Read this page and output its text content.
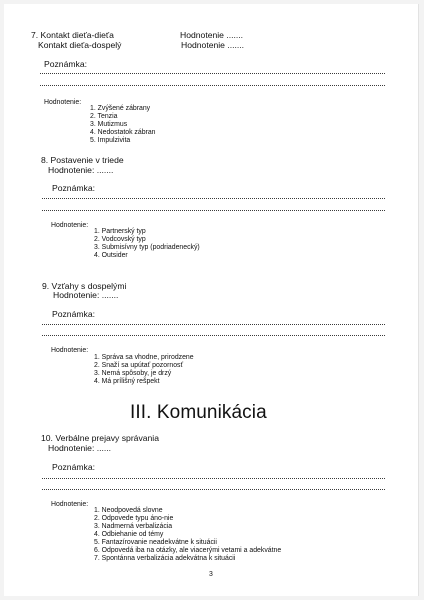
7. Kontakt dieťa-dieťa	Hodnotenie .......
Kontakt dieťa-dospelý	Hodnotenie .......
Poznámka:
Hodnotenie:
1. Zvýšené zábrany
2. Tenzia
3. Mutizmus
4. Nedostatok zábran
5. Impulzivita
8. Postavenie v triede
Hodnotenie: .......
Poznámka:
Hodnotenie:
1. Partnerský typ
2. Vodcovský typ
3. Submisívny typ (podriadenecký)
4. Outsider
9. Vzťahy s dospelými
Hodnotenie: .......
Poznámka:
Hodnotenie:
1. Správa sa vhodne, prirodzene
2. Snaží sa upútať pozornosť
3. Nemá spôsoby, je drzý
4. Má prílišný rešpekt
III. Komunikácia
10. Verbálne prejavy správania
Hodnotenie: ......
Poznámka:
Hodnotenie:
1. Neodpovedá slovne
2. Odpovede typu áno-nie
3. Nadmerná verbalizácia
4. Odbiehanie od témy
5. Fantazírovanie neadekvátne k situácii
6. Odpovedá iba na otázky, ale viacerými vetami a adekvátne
7. Spontánna verbalizácia adekvátna k situácii
3
